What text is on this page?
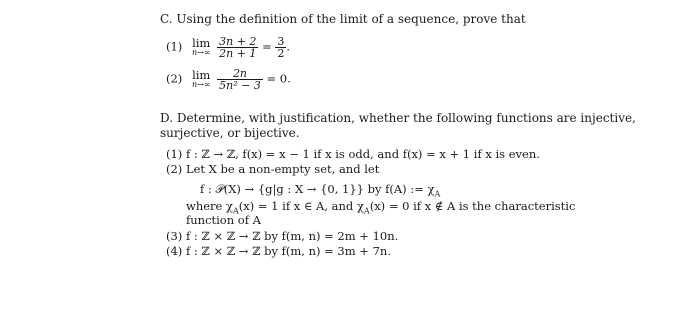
C. Using the definition of the limit of a sequence, prove that
(1) lim
n→∞
$\frac{3n + 2}{2n + 1} = \frac{3}{2}$ .
(2) lim
n→∞
$\frac{2n}{\text{5n² − 3}} = 0$.
D. Determine, with justification, whether the following functions are injective,
surjective, or bijective.
(1) f : ℤ → ℤ, f(x) = x − 1 if x is odd, and f(x) = x + 1 if x is even.
(2) Let X be a non-empty set, and let
f : 𝒫(X) → {g|g : X → {0, 1}} by f(A) := $\chi_A$
where $\chi_A(x) = 1$ if x ∈ A, and $\chi_A(x) = 0$ if x ∉ A is the characteristic
function of A
(3) f : ℤ × ℤ → ℤ by f(m, n) = 2m + 10n.
(4) f : ℤ × ℤ → ℤ by f(m, n) = 3m + 7n.
